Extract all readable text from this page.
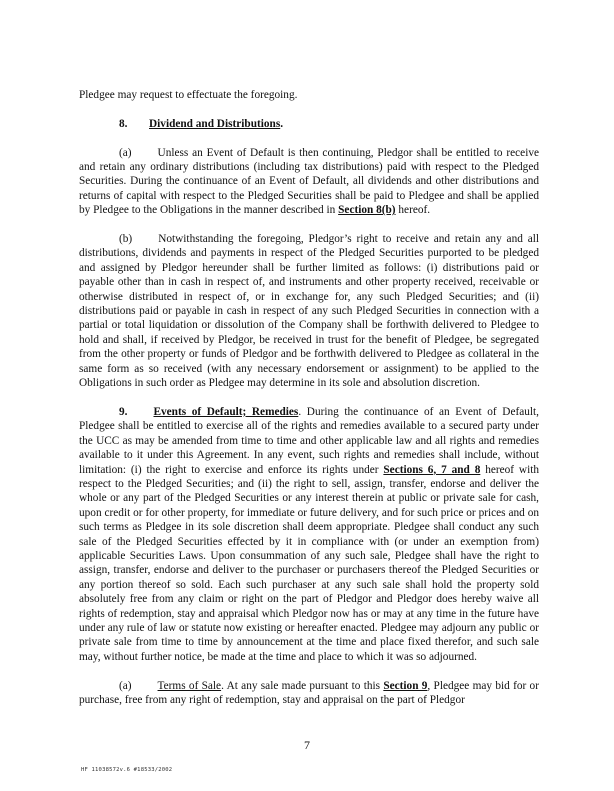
Pledgee may request to effectuate the foregoing.

8. Dividend and Distributions.

(a) Unless an Event of Default is then continuing, Pledgor shall be entitled to receive and retain any ordinary distributions (including tax distributions) paid with respect to the Pledged Securities. During the continuance of an Event of Default, all dividends and other distributions and returns of capital with respect to the Pledged Securities shall be paid to Pledgee and shall be applied by Pledgee to the Obligations in the manner described in Section 8(b) hereof.

(b) Notwithstanding the foregoing, Pledgor’s right to receive and retain any and all distributions, dividends and payments in respect of the Pledged Securities purported to be pledged and assigned by Pledgor hereunder shall be further limited as follows: (i) distributions paid or payable other than in cash in respect of, and instruments and other property received, receivable or otherwise distributed in respect of, or in exchange for, any such Pledged Securities; and (ii) distributions paid or payable in cash in respect of any such Pledged Securities in connection with a partial or total liquidation or dissolution of the Company shall be forthwith delivered to Pledgee to hold and shall, if received by Pledgor, be received in trust for the benefit of Pledgee, be segregated from the other property or funds of Pledgor and be forthwith delivered to Pledgee as collateral in the same form as so received (with any necessary endorsement or assignment) to be applied to the Obligations in such order as Pledgee may determine in its sole and absolution discretion.

9. Events of Default; Remedies. During the continuance of an Event of Default, Pledgee shall be entitled to exercise all of the rights and remedies available to a secured party under the UCC as may be amended from time to time and other applicable law and all rights and remedies available to it under this Agreement. In any event, such rights and remedies shall include, without limitation: (i) the right to exercise and enforce its rights under Sections 6, 7 and 8 hereof with respect to the Pledged Securities; and (ii) the right to sell, assign, transfer, endorse and deliver the whole or any part of the Pledged Securities or any interest therein at public or private sale for cash, upon credit or for other property, for immediate or future delivery, and for such price or prices and on such terms as Pledgee in its sole discretion shall deem appropriate. Pledgee shall conduct any such sale of the Pledged Securities effected by it in compliance with (or under an exemption from) applicable Securities Laws. Upon consummation of any such sale, Pledgee shall have the right to assign, transfer, endorse and deliver to the purchaser or purchasers thereof the Pledged Securities or any portion thereof so sold. Each such purchaser at any such sale shall hold the property sold absolutely free from any claim or right on the part of Pledgor and Pledgor does hereby waive all rights of redemption, stay and appraisal which Pledgor now has or may at any time in the future have under any rule of law or statute now existing or hereafter enacted. Pledgee may adjourn any public or private sale from time to time by announcement at the time and place fixed therefor, and such sale may, without further notice, be made at the time and place to which it was so adjourned.

(a) Terms of Sale. At any sale made pursuant to this Section 9, Pledgee may bid for or purchase, free from any right of redemption, stay and appraisal on the part of Pledgor

7
HF 11038572v.6 #18533/2002
